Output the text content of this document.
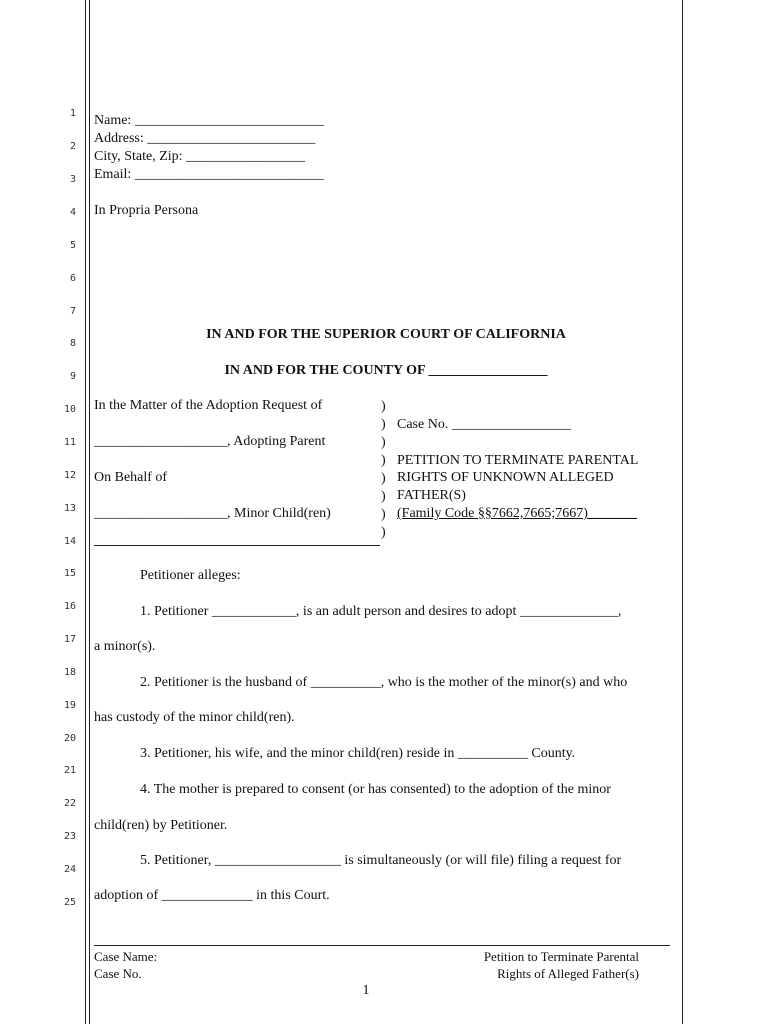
1
2
3
4
5
6
7
8
9
10
11
12
13
14
15
16
17
18
19
20
21
22
23
24
25
Name: ___________________________
Address: ________________________
City, State, Zip: _________________
Email: ___________________________
In Propria Persona
IN AND FOR THE SUPERIOR COURT OF CALIFORNIA
IN AND FOR THE COUNTY OF _________________
In the Matter of the Adoption Request of
___________________, Adopting Parent
On Behalf of
___________________, Minor Child(ren)
)
)
)
)
)
)
)
)
Case No. _________________
PETITION TO TERMINATE PARENTAL
RIGHTS OF UNKNOWN ALLEGED
FATHER(S)
(Family Code §§7662,7665;7667)_______
Petitioner alleges:
1. Petitioner ____________, is an adult person and desires to adopt ______________,
a minor(s).
2. Petitioner is the husband of __________, who is the mother of the minor(s) and who
has custody of the minor child(ren).
3. Petitioner, his wife, and the minor child(ren) reside in __________ County.
4. The mother is prepared to consent (or has consented) to the adoption of the minor
child(ren) by Petitioner.
5. Petitioner, __________________ is simultaneously (or will file) filing a request for
adoption of _____________ in this Court.
Case Name:
Case No.
Petition to Terminate Parental
Rights of Alleged Father(s)
1
